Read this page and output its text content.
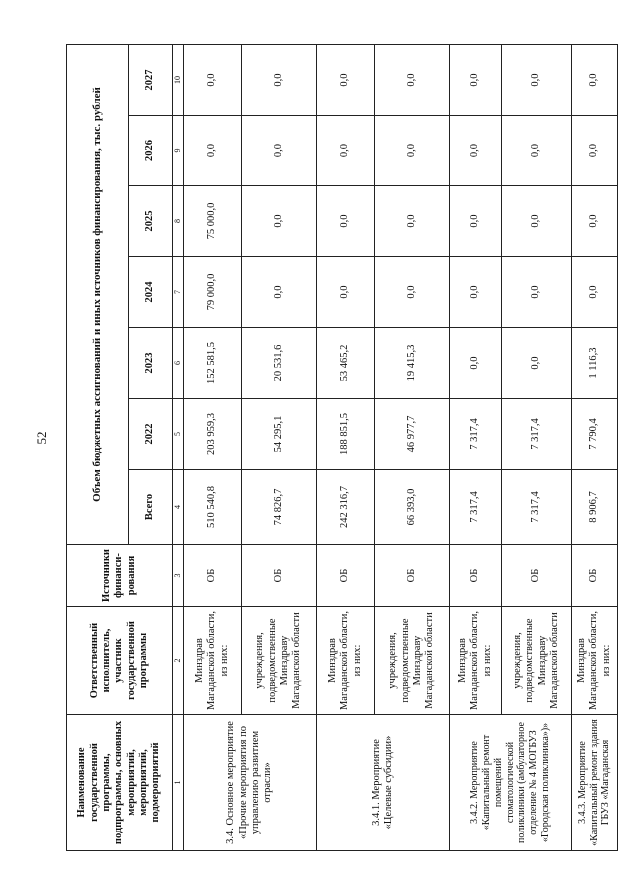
52
Наименование государственной программы, подпрограммы, основных мероприятий, мероприятий, подмероприятий	Ответственный исполнитель, участник государственной программы	Источники финанси-рования	Объем бюджетных ассигнований и иных источников финансирования, тыс. рублей						
			Всего	2022	2023	2024	2025	2026	2027
1	2	3	4	5	6	7	8	9	10
3.4. Основное мероприятие «Прочие мероприятия по управлению развитием отрасли»	Минздрав Магаданской области, из них:	ОБ	510 540,8	203 959,3	152 581,5	79 000,0	75 000,0	0,0	0,0
	учреждения, подведомственные Минздраву Магаданской области	ОБ	74 826,7	54 295,1	20 531,6	0,0	0,0	0,0	0,0
3.4.1. Мероприятие «Целевые субсидии»	Минздрав Магаданской области, из них:	ОБ	242 316,7	188 851,5	53 465,2	0,0	0,0	0,0	0,0
	учреждения, подведомственные Минздраву Магаданской области	ОБ	66 393,0	46 977,7	19 415,3	0,0	0,0	0,0	0,0
3.4.2. Мероприятие «Капитальный ремонт помещений стоматологической поликлиники (амбулаторное отделение № 4 МОГБУЗ «Городская поликлиника»)»	Минздрав Магаданской области, из них:	ОБ	7 317,4	7 317,4	0,0	0,0	0,0	0,0	0,0
	учреждения, подведомственные Минздраву Магаданской области	ОБ	7 317,4	7 317,4	0,0	0,0	0,0	0,0	0,0
3.4.3. Мероприятие «Капитальный ремонт здания ГБУЗ «Магаданская	Минздрав Магаданской области, из них:	ОБ	8 906,7	7 790,4	1 116,3	0,0	0,0	0,0	0,0
